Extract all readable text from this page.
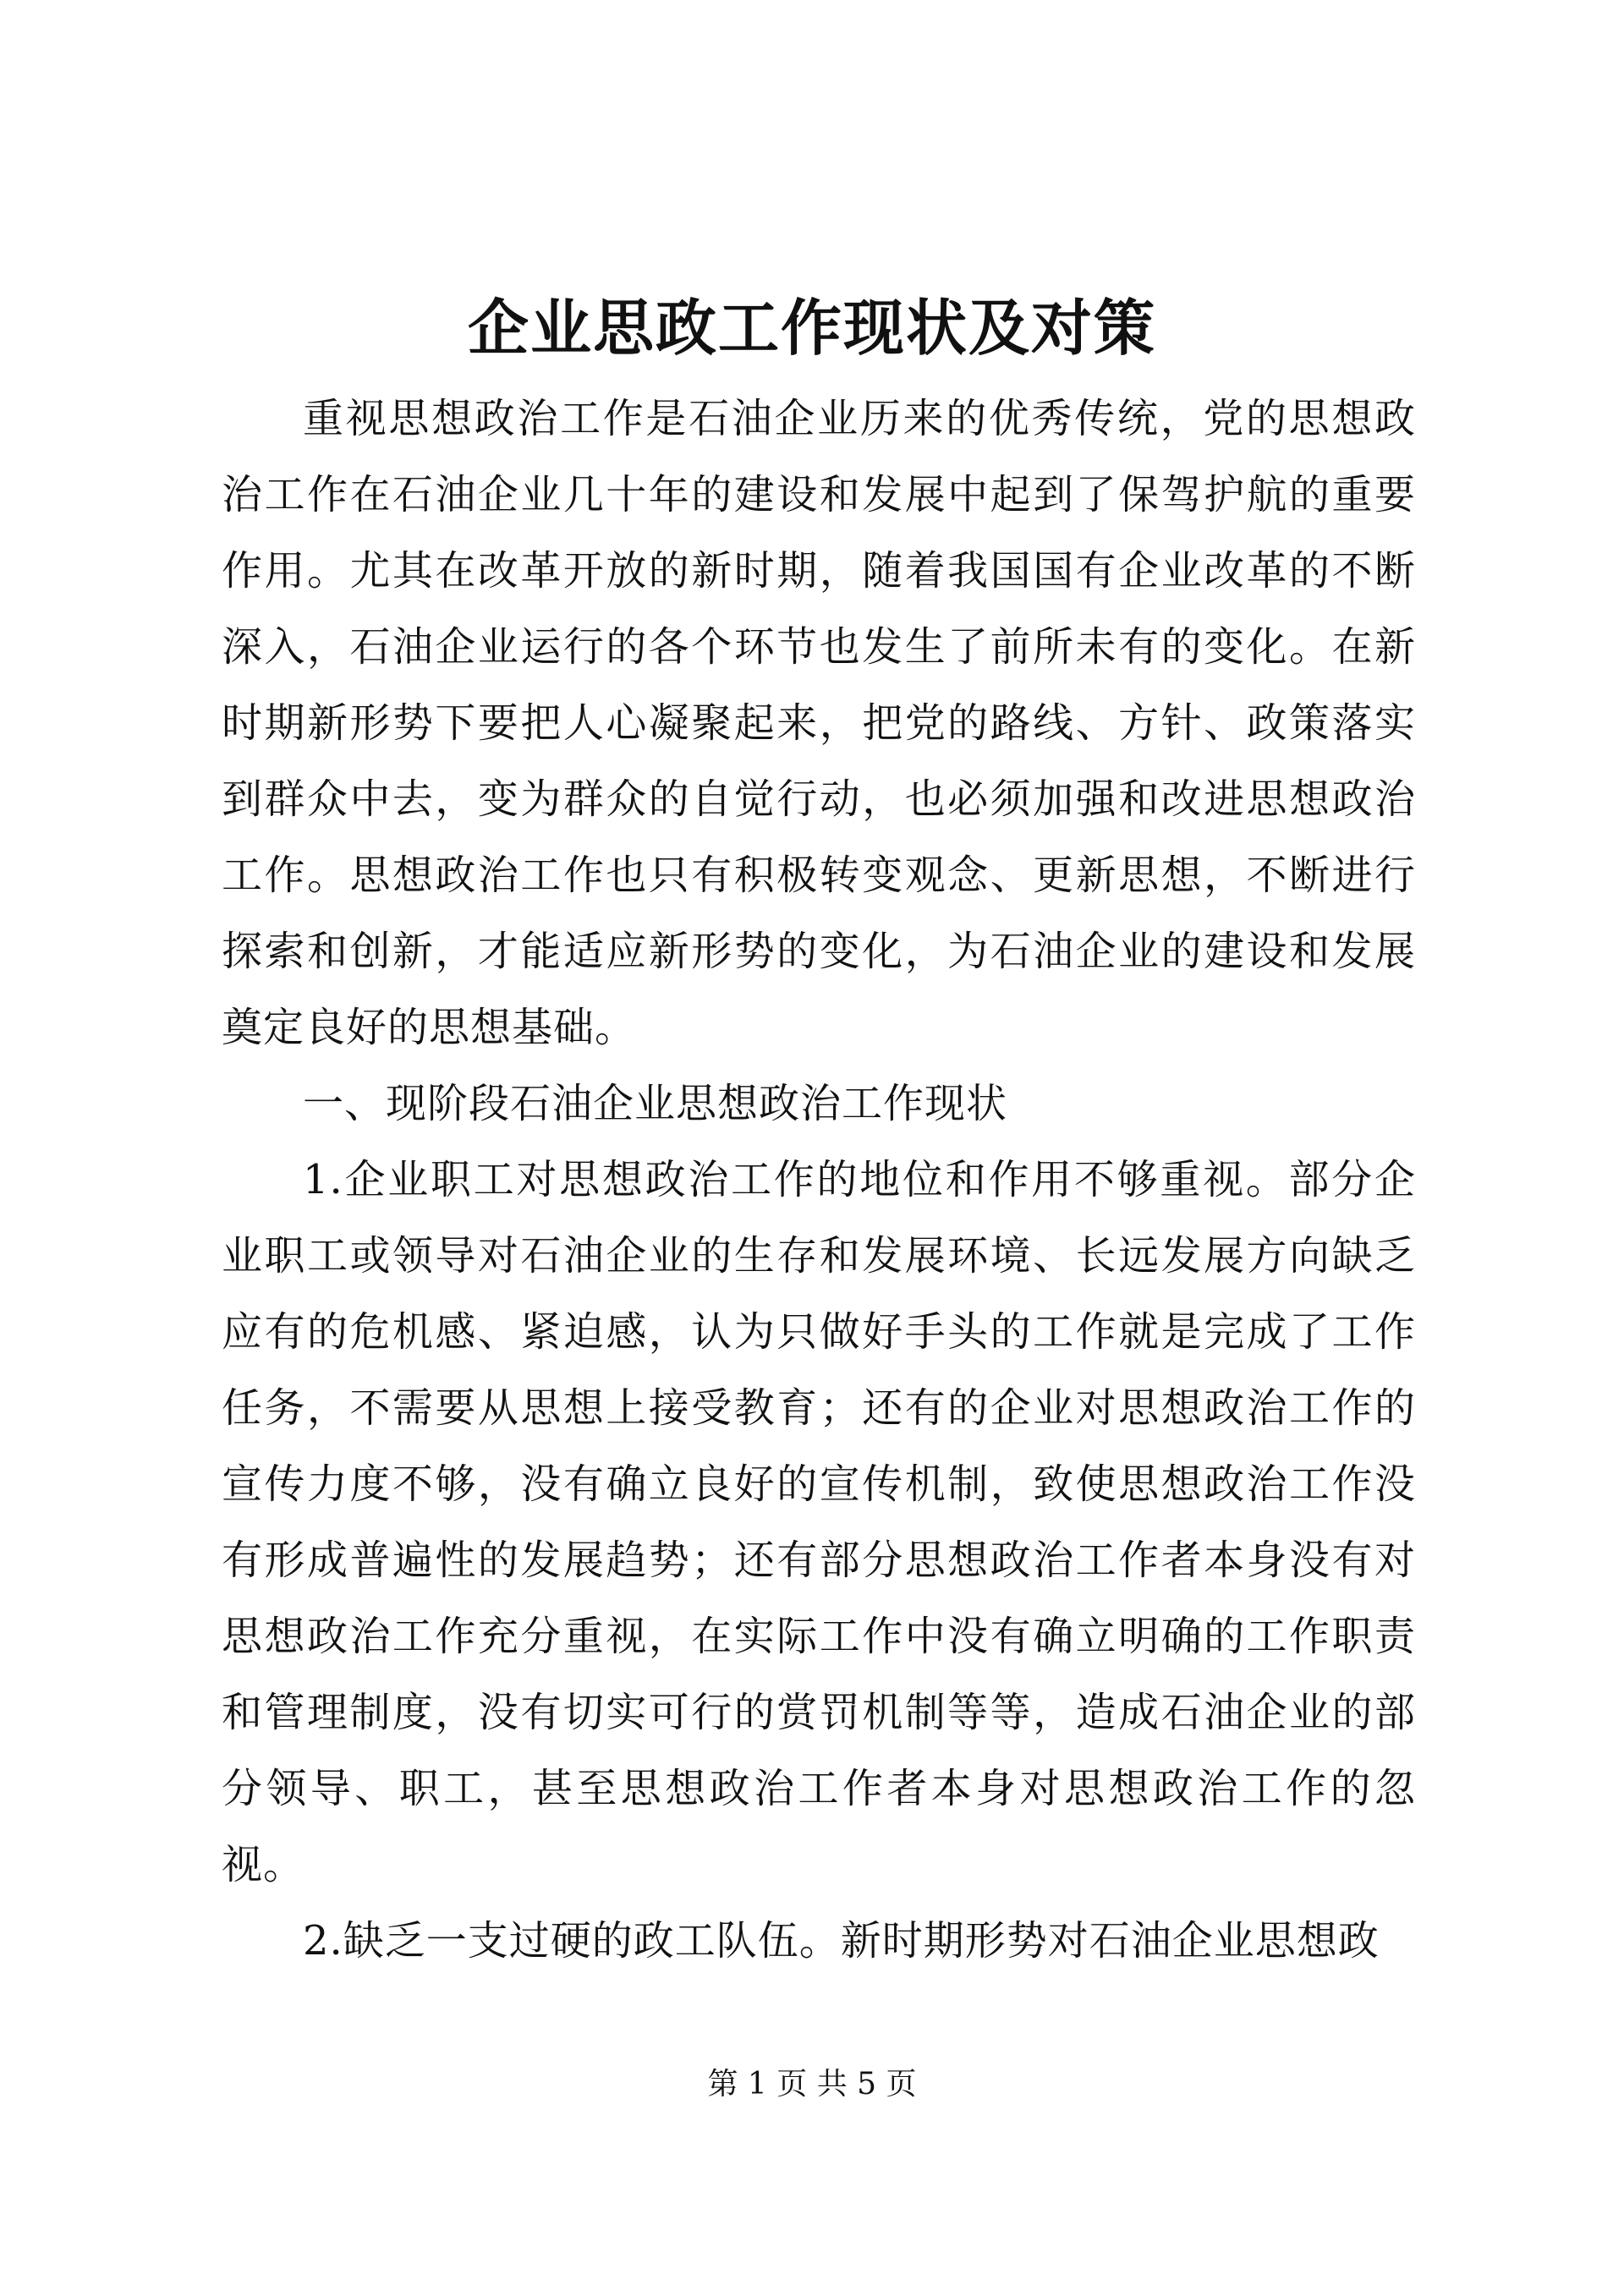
企业思政工作现状及对策

重视思想政治工作是石油企业历来的优秀传统，党的思想政治工作在石油企业几十年的建设和发展中起到了保驾护航的重要作用。尤其在改革开放的新时期，随着我国国有企业改革的不断深入，石油企业运行的各个环节也发生了前所未有的变化。在新时期新形势下要把人心凝聚起来，把党的路线、方针、政策落实到群众中去，变为群众的自觉行动，也必须加强和改进思想政治工作。思想政治工作也只有积极转变观念、更新思想，不断进行探索和创新，才能适应新形势的变化，为石油企业的建设和发展奠定良好的思想基础。

一、现阶段石油企业思想政治工作现状

1.企业职工对思想政治工作的地位和作用不够重视。部分企业职工或领导对石油企业的生存和发展环境、长远发展方向缺乏应有的危机感、紧迫感，认为只做好手头的工作就是完成了工作任务，不需要从思想上接受教育；还有的企业对思想政治工作的宣传力度不够，没有确立良好的宣传机制，致使思想政治工作没有形成普遍性的发展趋势；还有部分思想政治工作者本身没有对思想政治工作充分重视，在实际工作中没有确立明确的工作职责和管理制度，没有切实可行的赏罚机制等等，造成石油企业的部分领导、职工，甚至思想政治工作者本身对思想政治工作的忽视。

2.缺乏一支过硬的政工队伍。新时期形势对石油企业思想政

第 1 页 共 5 页
